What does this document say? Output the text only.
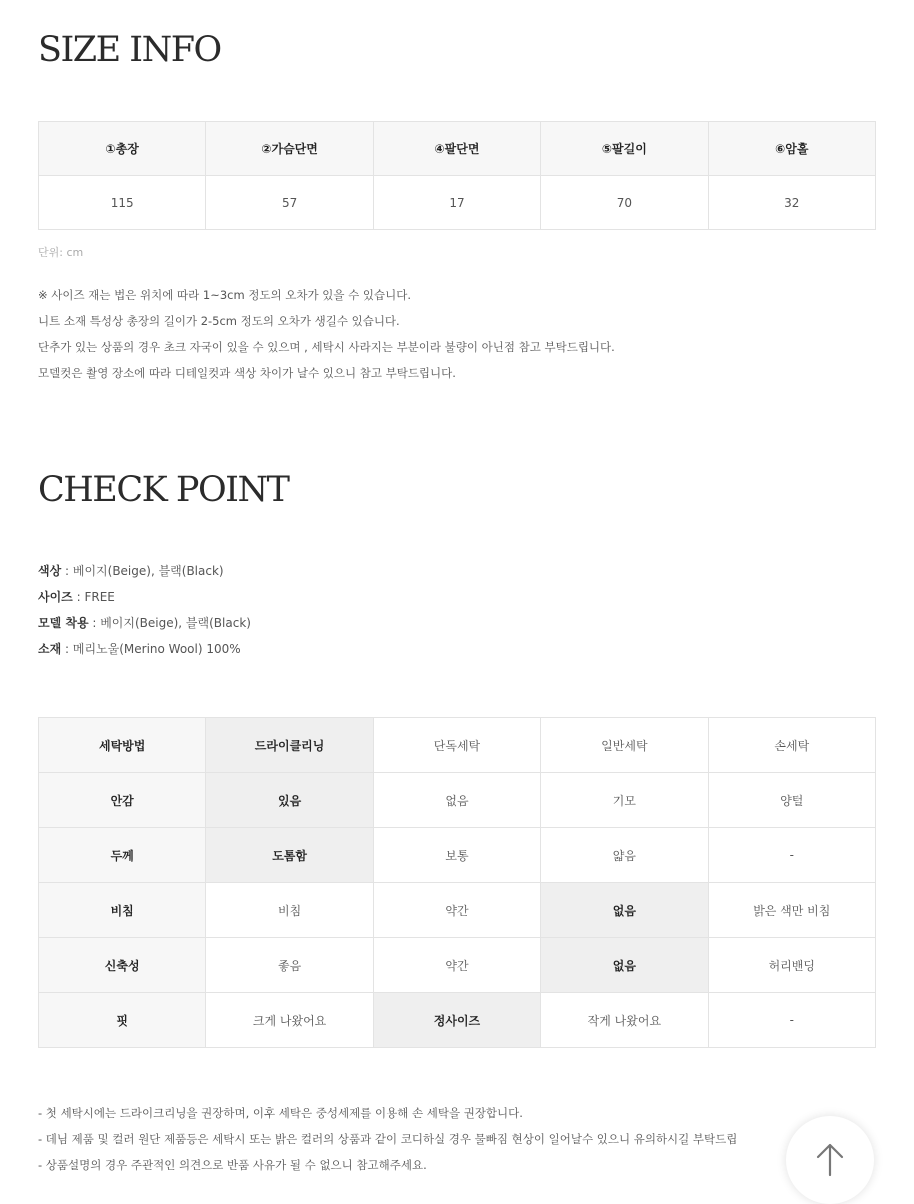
SIZE INFO
①총장	②가슴단면	④팔단면	⑤팔길이	⑥암홀
115	57	17	70	32

단위: cm

※ 사이즈 재는 법은 위치에 따라 1~3cm 정도의 오차가 있을 수 있습니다.
니트 소재 특성상 총장의 길이가 2-5cm 정도의 오차가 생길수 있습니다.
단추가 있는 상품의 경우 초크 자국이 있을 수 있으며 , 세탁시 사라지는 부분이라 불량이 아닌점 참고 부탁드립니다.
모델컷은 촬영 장소에 따라 디테일컷과 색상 차이가 날수 있으니 참고 부탁드립니다.
CHECK POINT
색상 : 베이지(Beige), 블랙(Black)
사이즈 : FREE
모델 착용 : 베이지(Beige), 블랙(Black)
소재 : 메리노울(Merino Wool) 100%
세탁방법	드라이클리닝	단독세탁	일반세탁	손세탁
안감	있음	없음	기모	양털
두께	도톰함	보통	얇음	-
비침	비침	약간	없음	밝은 색만 비침
신축성	좋음	약간	없음	허리밴딩
핏	크게 나왔어요	정사이즈	작게 나왔어요	-
- 첫 세탁시에는 드라이크리닝을 권장하며, 이후 세탁은 중성세제를 이용해 손 세탁을 권장합니다.
- 데님 제품 및 컬러 원단 제품등은 세탁시 또는 밝은 컬러의 상품과 같이 코디하실 경우 물빠짐 현상이 일어날수 있으니 유의하시길 부탁드립
- 상품설명의 경우 주관적인 의견으로 반품 사유가 될 수 없으니 참고해주세요.
